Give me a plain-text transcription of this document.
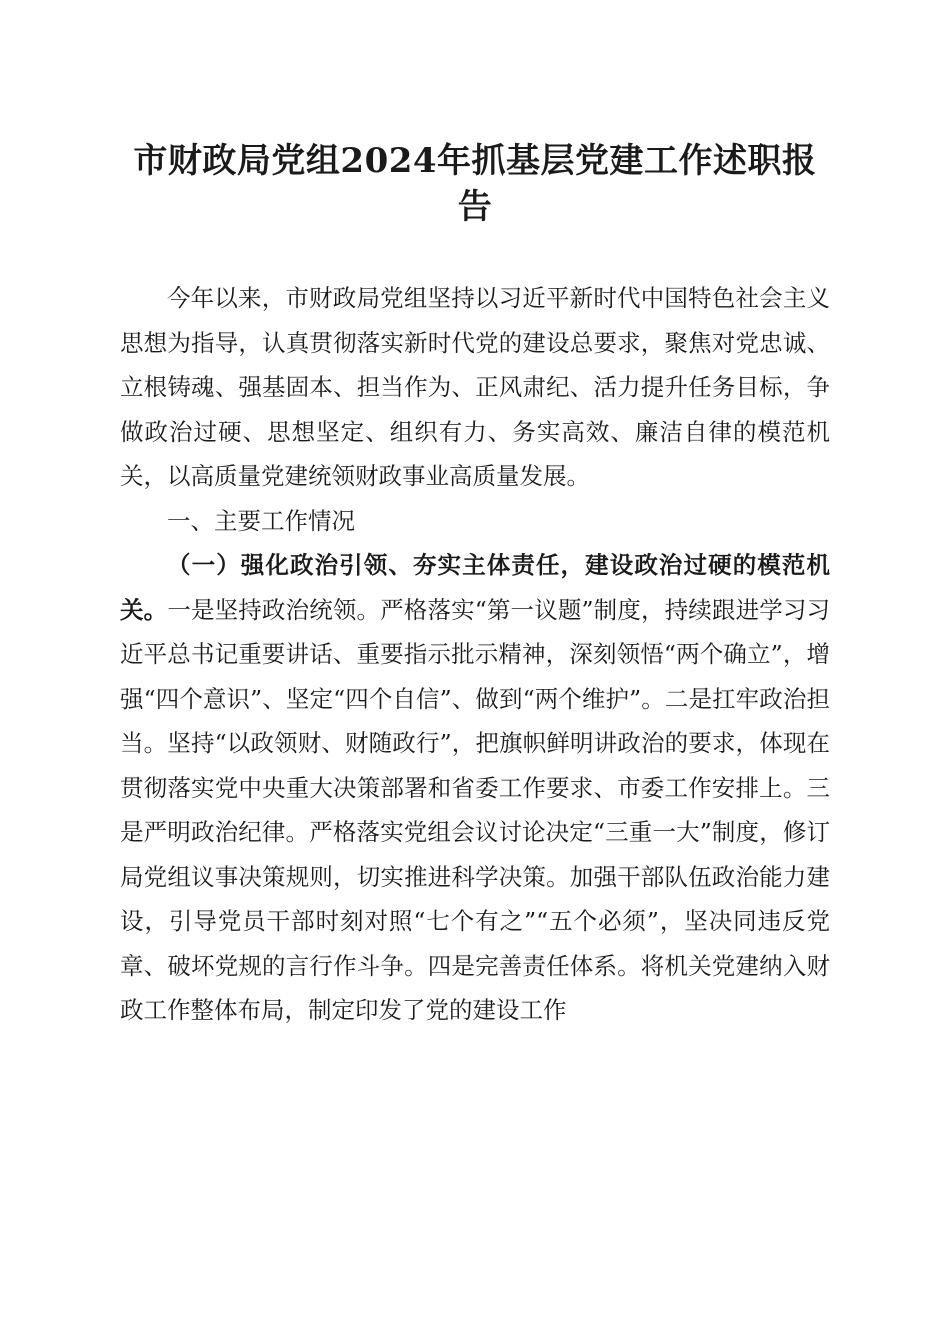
市财政局党组2024年抓基层党建工作述职报告

今年以来，市财政局党组坚持以习近平新时代中国特色社会主义思想为指导，认真贯彻落实新时代党的建设总要求，聚焦对党忠诚、立根铸魂、强基固本、担当作为、正风肃纪、活力提升任务目标，争做政治过硬、思想坚定、组织有力、务实高效、廉洁自律的模范机关，以高质量党建统领财政事业高质量发展。

一、主要工作情况

（一）强化政治引领、夯实主体责任，建设政治过硬的模范机关。一是坚持政治统领。严格落实“第一议题”制度，持续跟进学习习近平总书记重要讲话、重要指示批示精神，深刻领悟“两个确立”，增强“四个意识”、坚定“四个自信”、做到“两个维护”。二是扛牢政治担当。坚持“以政领财、财随政行”，把旗帜鲜明讲政治的要求，体现在贯彻落实党中央重大决策部署和省委工作要求、市委工作安排上。三是严明政治纪律。严格落实党组会议讨论决定“三重一大”制度，修订局党组议事决策规则，切实推进科学决策。加强干部队伍政治能力建设，引导党员干部时刻对照“七个有之”“五个必须”，坚决同违反党章、破坏党规的言行作斗争。四是完善责任体系。将机关党建纳入财政工作整体布局，制定印发了党的建设工作
